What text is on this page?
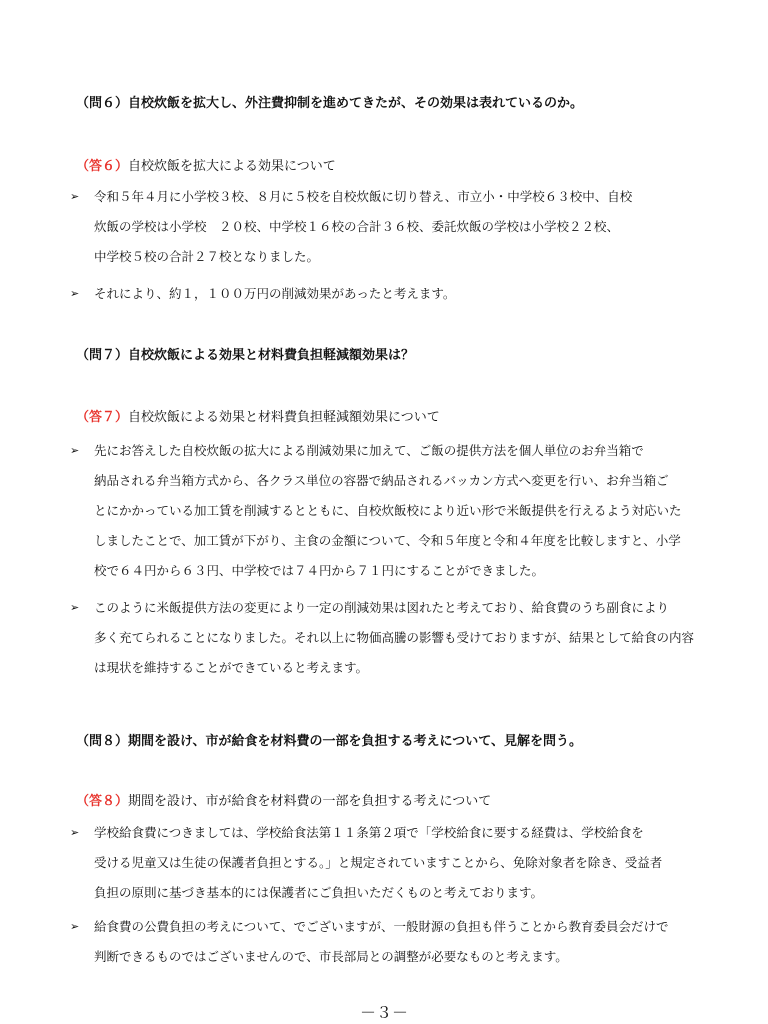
（問６）自校炊飯を拡大し、外注費抑制を進めてきたが、その効果は表れているのか。
（答６）自校炊飯を拡大による効果について
➢	令和５年４月に小学校３校、８月に５校を自校炊飯に切り替え、市立小・中学校６３校中、自校
炊飯の学校は小学校　２０校、中学校１６校の合計３６校、委託炊飯の学校は小学校２２校、
中学校５校の合計２７校となりました。
➢	それにより、約１，１００万円の削減効果があったと考えます。
（問７）自校炊飯による効果と材料費負担軽減額効果は？
（答７）自校炊飯による効果と材料費負担軽減額効果について
➢	先にお答えした自校炊飯の拡大による削減効果に加えて、ご飯の提供方法を個人単位のお弁当箱で
納品される弁当箱方式から、各クラス単位の容器で納品されるバッカン方式へ変更を行い、お弁当箱ご
とにかかっている加工賃を削減するとともに、自校炊飯校により近い形で米飯提供を行えるよう対応いた
しましたことで、加工賃が下がり、主食の金額について、令和５年度と令和４年度を比較しますと、小学
校で６４円から６３円、中学校では７４円から７１円にすることができました。
➢	このように米飯提供方法の変更により一定の削減効果は図れたと考えており、給食費のうち副食により
多く充てられることになりました。それ以上に物価高騰の影響も受けておりますが、結果として給食の内容
は現状を維持することができていると考えます。
（問８）期間を設け、市が給食を材料費の一部を負担する考えについて、見解を問う。
（答８）期間を設け、市が給食を材料費の一部を負担する考えについて
➢	学校給食費につきましては、学校給食法第１１条第２項で「学校給食に要する経費は、学校給食を
受ける児童又は生徒の保護者負担とする。」と規定されていますことから、免除対象者を除き、受益者
負担の原則に基づき基本的には保護者にご負担いただくものと考えております。
➢	給食費の公費負担の考えについて、でございますが、一般財源の負担も伴うことから教育委員会だけで
判断できるものではございませんので、市長部局との調整が必要なものと考えます。
－３－
